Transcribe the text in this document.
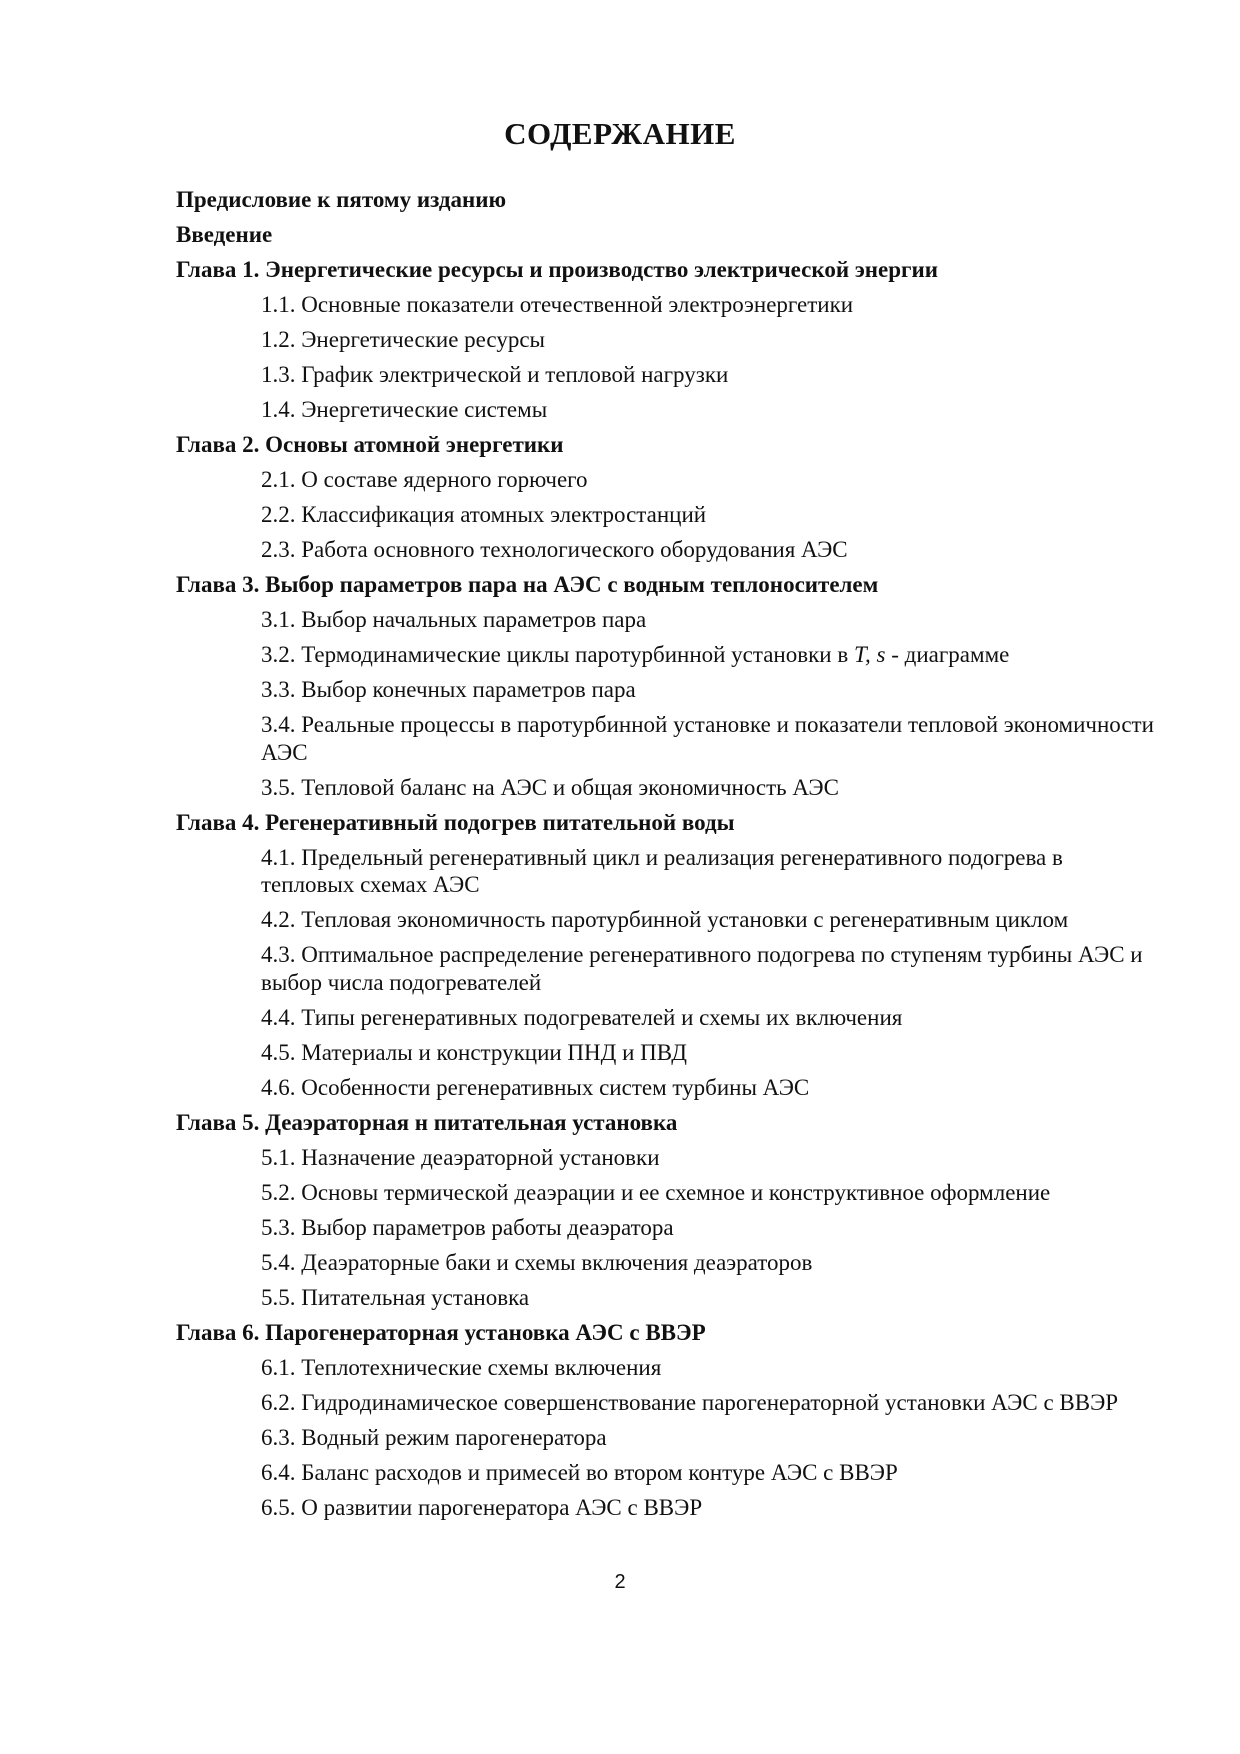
СОДЕРЖАНИЕ
Предисловие к пятому изданию
Введение
Глава 1. Энергетические ресурсы и производство электрической энергии
1.1. Основные показатели отечественной электроэнергетики
1.2. Энергетические ресурсы
1.3. График электрической и тепловой нагрузки
1.4. Энергетические системы
Глава 2. Основы атомной энергетики
2.1. О составе ядерного горючего
2.2. Классификация атомных электростанций
2.3. Работа основного технологического оборудования АЭС
Глава 3. Выбор параметров пара на АЭС с водным теплоносителем
3.1. Выбор начальных параметров пара
3.2. Термодинамические циклы паротурбинной установки в T, s - диаграмме
3.3. Выбор конечных параметров пара
3.4. Реальные процессы в паротурбинной установке и показатели тепловой экономичности АЭС
3.5. Тепловой баланс на АЭС и общая экономичность АЭС
Глава 4. Регенеративный подогрев питательной воды
4.1. Предельный регенеративный цикл и реализация регенеративного подогрева в тепловых схемах АЭС
4.2. Тепловая экономичность паротурбинной установки с регенеративным циклом
4.3. Оптимальное распределение регенеративного подогрева по ступеням турбины АЭС и выбор числа подогревателей
4.4. Типы регенеративных подогревателей и схемы их включения
4.5. Материалы и конструкции ПНД и ПВД
4.6. Особенности регенеративных систем турбины АЭС
Глава 5. Деаэраторная н питательная установка
5.1. Назначение деаэраторной установки
5.2. Основы термической деаэрации и ее схемное и конструктивное оформление
5.3. Выбор параметров работы деаэратора
5.4. Деаэраторные баки и схемы включения деаэраторов
5.5. Питательная установка
Глава 6. Парогенераторная установка АЭС с ВВЭР
6.1. Теплотехнические схемы включения
6.2. Гидродинамическое совершенствование парогенераторной установки АЭС с ВВЭР
6.3. Водный режим парогенератора
6.4. Баланс расходов и примесей во втором контуре АЭС с ВВЭР
6.5. О развитии парогенератора АЭС с ВВЭР
2
